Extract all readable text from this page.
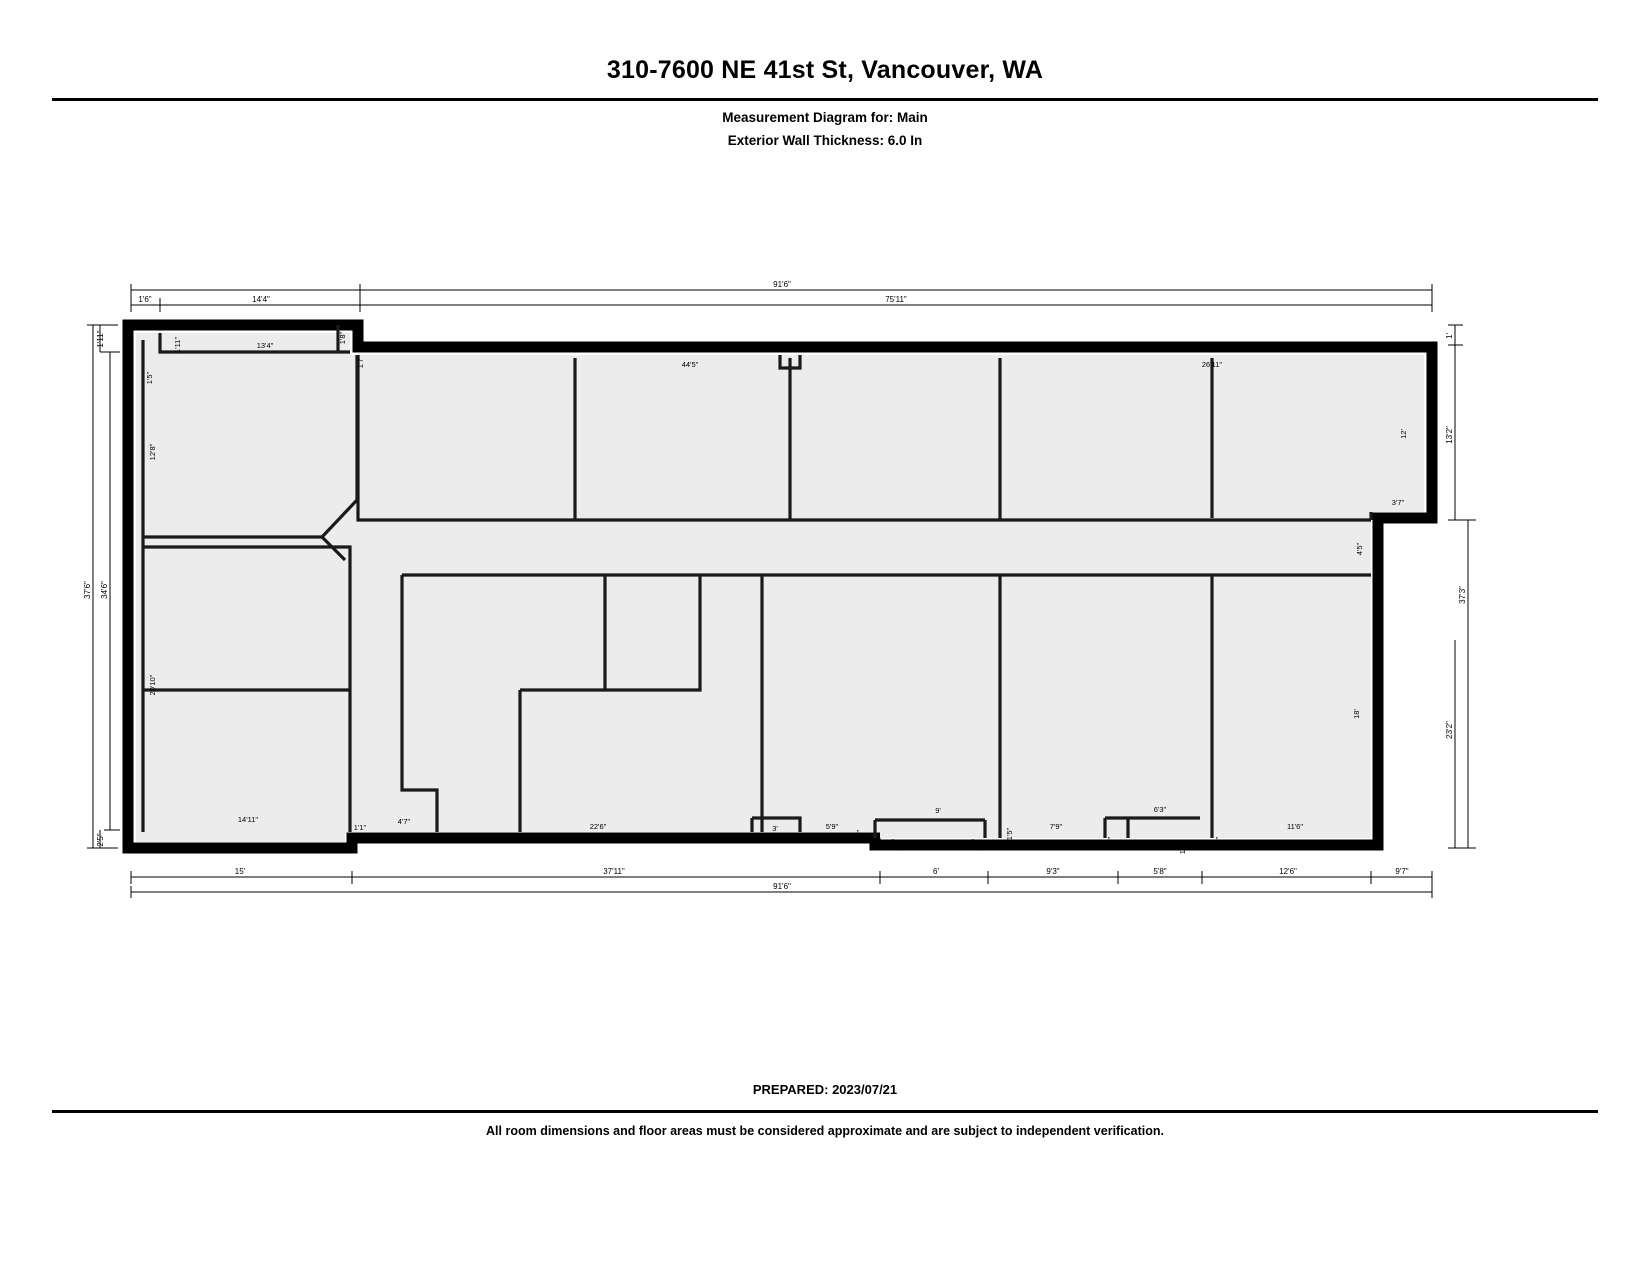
310-7600 NE 41st St, Vancouver, WA
Measurement Diagram for: Main
Exterior Wall Thickness: 6.0 In
91'6"
1'6"	14'4"	75'11"
15'	37'11"	6'	9'3"	5'8"	12'6"	9'7"
91'6"
1'11"
37'6" 34'6"
2'5"
1'
13'2"
37'3"
23'2"
1'11"	13'4"
1'8"
1'7"	44'5"	26'11"
1'5"
12'8"
12'
3'7"
4'5"
20'10"
18'
14'11"
1'1"
4'7"
22'6"	3'	5'9"
1'5"
1'4"
9'
1'4"
1'5"
7'9"
6'3"
1'2"	1'6"	1'2"
11'6"
PREPARED: 2023/07/21
All room dimensions and floor areas must be considered approximate and are subject to independent verification.
